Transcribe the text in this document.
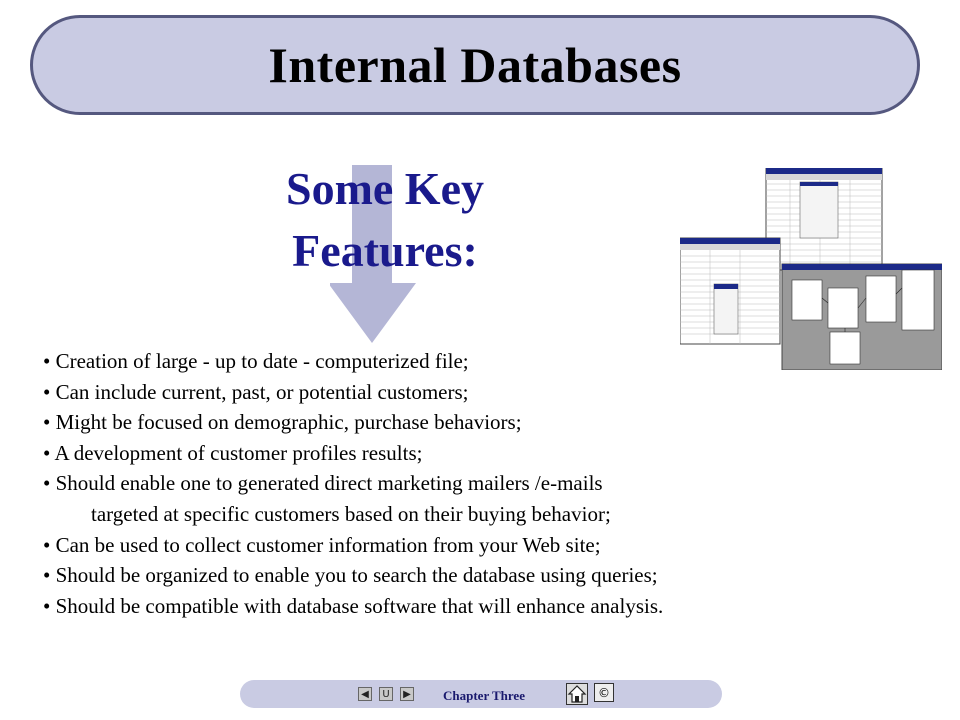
Internal Databases
Some Key
Features:
• Creation of large - up to date - computerized file;
• Can include current, past, or potential customers;
• Might be focused on demographic, purchase behaviors;
• A development of customer profiles results;
• Should enable one to generated direct marketing mailers /e-mails
targeted at specific customers based on their buying behavior;
• Can be used to collect customer information from your Web site;
• Should be organized to enable you to search the database using queries;
• Should be compatible with database software that will enhance analysis.
◀ U ▶ Chapter Three	©
